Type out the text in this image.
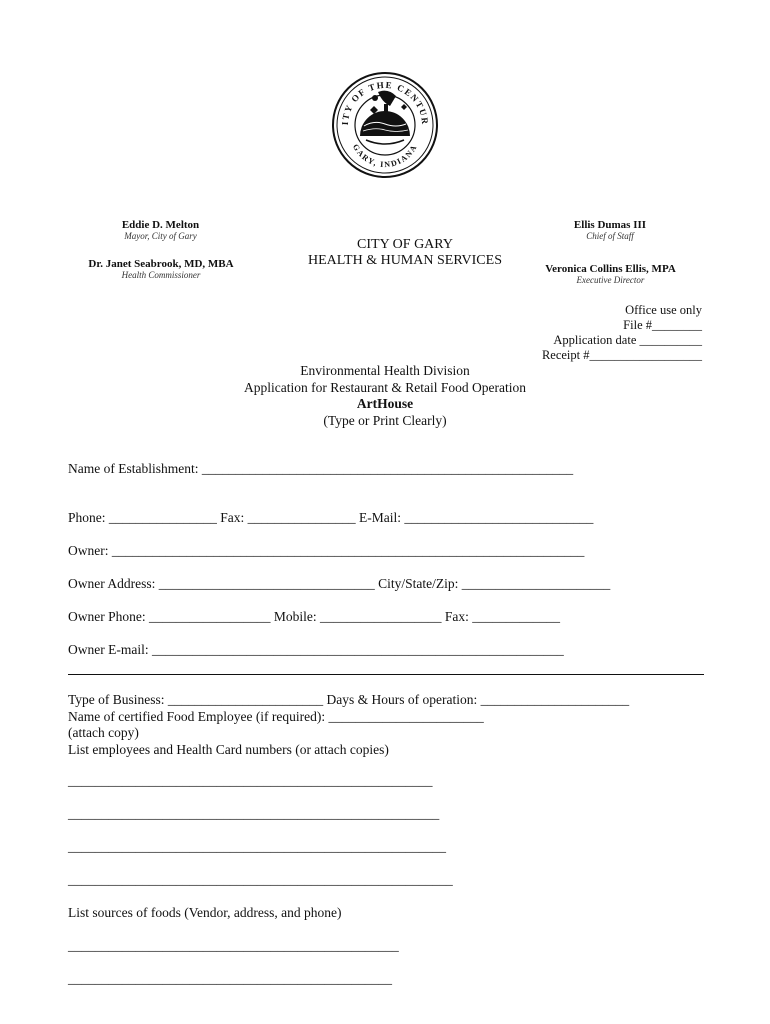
ITY OF THE CENTUR
GARY, INDIANA
Eddie D. Melton
Mayor, City of Gary
Dr. Janet Seabrook, MD, MBA
Health Commissioner
CITY OF GARY
HEALTH & HUMAN SERVICES
Ellis Dumas III
Chief of Staff
Veronica Collins Ellis, MPA
Executive Director
Office use only
File #________
Application date __________
Receipt #__________________
Environmental Health Division
Application for Restaurant & Retail Food Operation
ArtHouse
(Type or Print Clearly)
Name of Establishment: _______________________________________________________
Phone: ________________ Fax: ________________ E-Mail: ____________________________
Owner: ______________________________________________________________________
Owner Address: ________________________________ City/State/Zip: ______________________
Owner Phone: __________________ Mobile: __________________ Fax: _____________
Owner E-mail: _____________________________________________________________
Type of Business: _______________________ Days & Hours of operation: ______________________
Name of certified Food Employee (if required): _______________________
(attach copy)
List employees and Health Card numbers (or attach copies)
______________________________________________________
_______________________________________________________
________________________________________________________
_________________________________________________________
List sources of foods (Vendor, address, and phone)
_________________________________________________
________________________________________________
